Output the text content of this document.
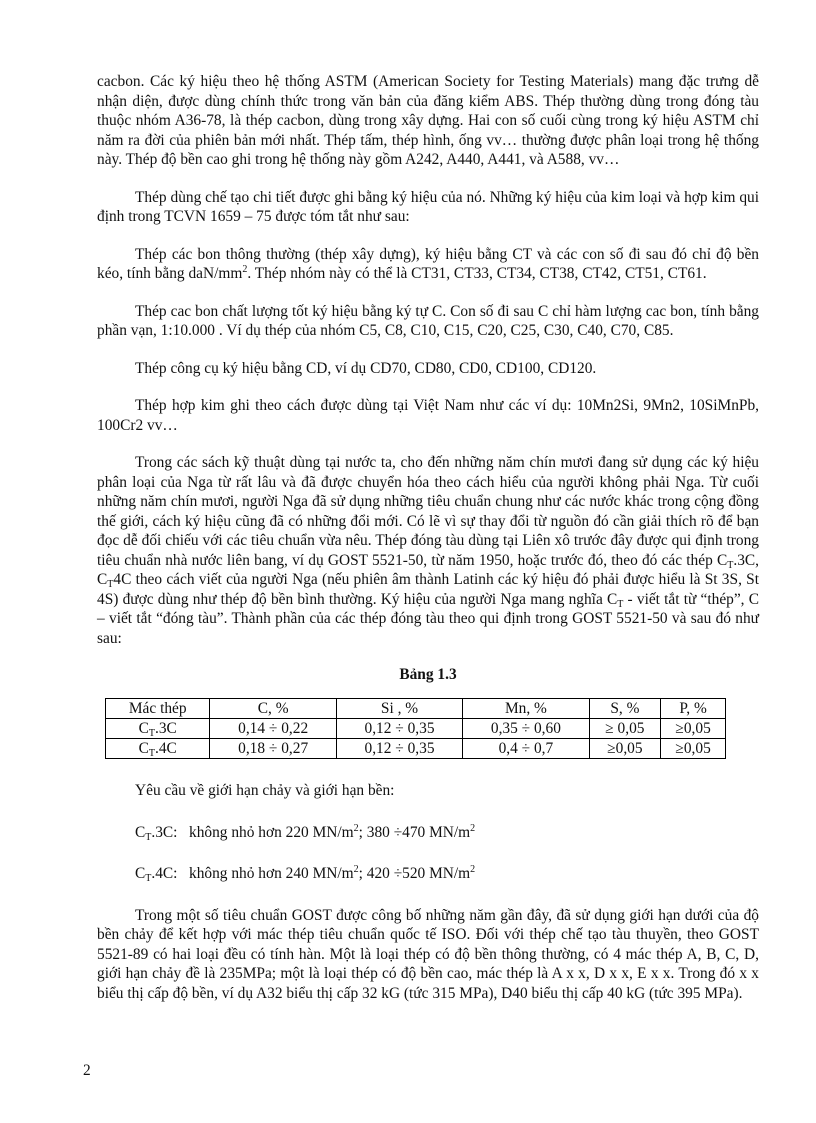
cacbon. Các ký hiệu theo hệ thống ASTM (American Society for Testing Materials) mang đặc trưng dễ nhận diện, được dùng chính thức trong văn bản của đăng kiểm ABS. Thép thường dùng trong đóng tàu thuộc nhóm A36-78, là thép cacbon, dùng trong xây dựng. Hai con số cuối cùng trong ký hiệu ASTM chỉ năm ra đời của phiên bản mới nhất. Thép tấm, thép hình, ống vv… thường được phân loại trong hệ thống này. Thép độ bền cao ghi trong hệ thống này gồm A242, A440, A441, và A588, vv…

Thép dùng chế tạo chi tiết được ghi bằng ký hiệu của nó. Những ký hiệu của kim loại và hợp kim qui định trong TCVN 1659 – 75 được tóm tắt như sau:

Thép các bon thông thường (thép xây dựng), ký hiệu bằng CT và các con số đi sau đó chỉ độ bền kéo, tính bằng daN/$mm^2$. Thép nhóm này có thể là CT31, CT33, CT34, CT38, CT42, CT51, CT61.

Thép cac bon chất lượng tốt ký hiệu bằng ký tự C. Con số đi sau C chỉ hàm lượng cac bon, tính bằng phần vạn, 1:10.000 . Ví dụ thép của nhóm C5, C8, C10, C15, C20, C25, C30, C40, C70, C85.

Thép công cụ ký hiệu bằng CD, ví dụ CD70, CD80, CD0, CD100, CD120.

Thép hợp kim ghi theo cách được dùng tại Việt Nam như các ví dụ: 10Mn2Si, 9Mn2, 10SiMnPb, 100Cr2 vv…

Trong các sách kỹ thuật dùng tại nước ta, cho đến những năm chín mươi đang sử dụng các ký hiệu phân loại của Nga từ rất lâu và đã được chuyển hóa theo cách hiểu của người không phải Nga. Từ cuối những năm chín mươi, người Nga đã sử dụng những tiêu chuẩn chung như các nước khác trong cộng đồng thế giới, cách ký hiệu cũng đã có những đổi mới. Có lẽ vì sự thay đổi từ nguồn đó cần giải thích rõ để bạn đọc dễ đối chiếu với các tiêu chuẩn vừa nêu. Thép đóng tàu dùng tại Liên xô trước đây được qui định trong tiêu chuẩn nhà nước liên bang, ví dụ GOST 5521-50, từ năm 1950, hoặc trước đó, theo đó các thép $C_T.3C$, $C_T4C$ theo cách viết của người Nga (nếu phiên âm thành Latinh các ký hiệu đó phải được hiểu là St 3S, St 4S) được dùng như thép độ bền bình thường. Ký hiệu của người Nga mang nghĩa $C_T$ - viết tắt từ “thép”, C – viết tắt “đóng tàu”. Thành phần của các thép đóng tàu theo qui định trong GOST 5521-50 và sau đó như sau:

Bảng 1.3
Mác thép	C, %	Si , %	Mn, %	S, %	P, %
$C_T.3C$	0,14 ÷ 0,22	0,12 ÷ 0,35	0,35 ÷ 0,60	≥ 0,05	≥0,05
$C_T.4C$	0,18 ÷ 0,27	0,12 ÷ 0,35	0,4 ÷ 0,7	≥0,05	≥0,05
Yêu cầu về giới hạn chảy và giới hạn bền:
$C_T.3C$: không nhỏ hơn 220 $MN/m^2$; 380 ÷470 $MN/m^2$
$C_T.4C$: không nhỏ hơn 240 $MN/m^2$; 420 ÷520 $MN/m^2$

Trong một số tiêu chuẩn GOST được công bố những năm gần đây, đã sử dụng giới hạn dưới của độ bền chảy để kết hợp với mác thép tiêu chuẩn quốc tế ISO. Đối với thép chế tạo tàu thuyền, theo GOST 5521-89 có hai loại đều có tính hàn. Một là loại thép có độ bền thông thường, có 4 mác thép A, B, C, D, giới hạn chảy đề là 235MPa; một là loại thép có độ bền cao, mác thép là A x x, D x x, E x x. Trong đó x x biểu thị cấp độ bền, ví dụ A32 biểu thị cấp 32 kG (tức 315 MPa), D40 biểu thị cấp 40 kG (tức 395 MPa).

2
